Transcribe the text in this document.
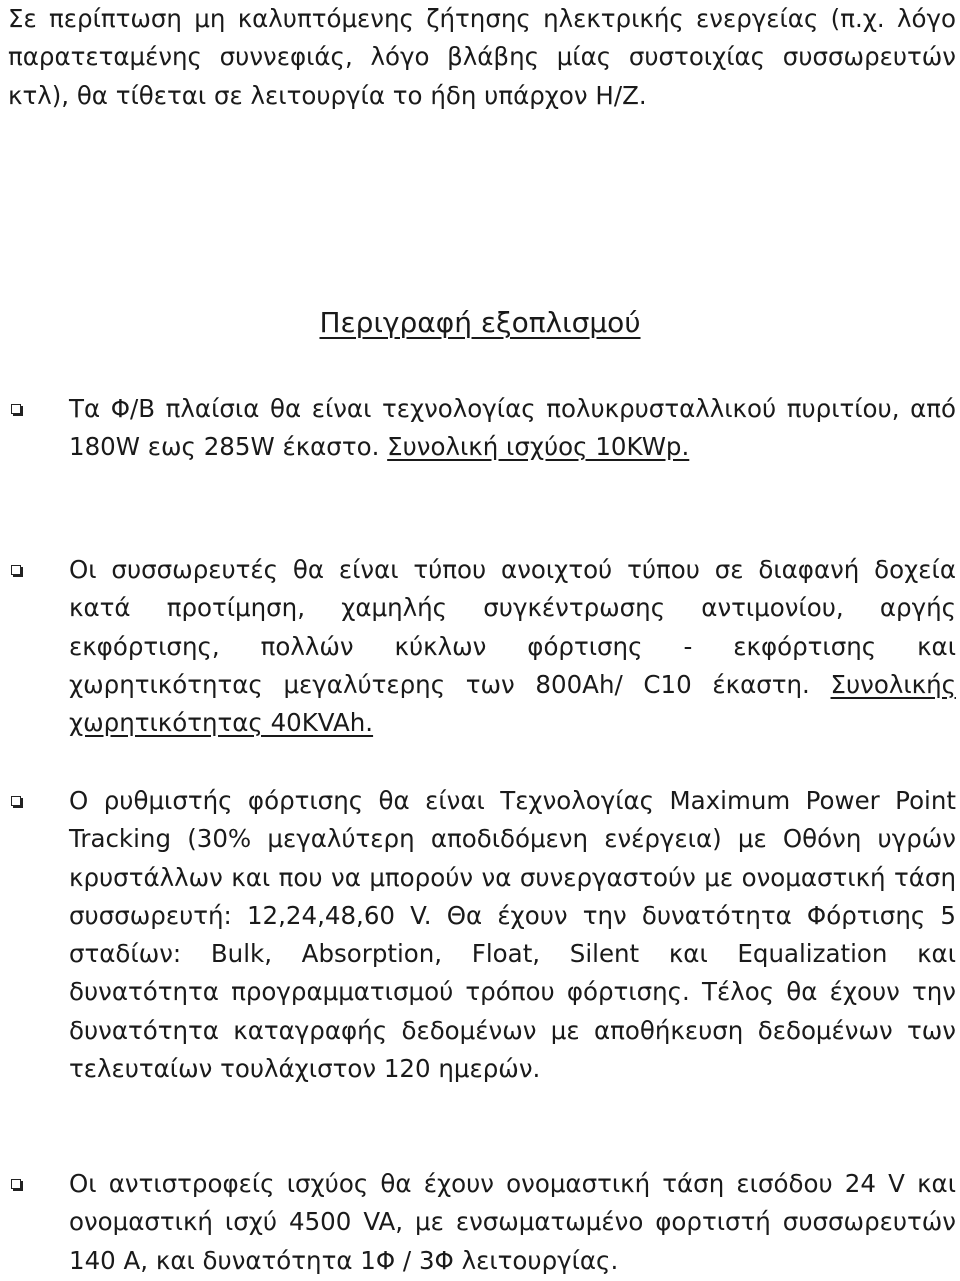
Σε περίπτωση μη καλυπτόμενης ζήτησης ηλεκτρικής ενεργείας (π.χ. λόγο παρατεταμένης συννεφιάς, λόγο βλάβης μίας συστοιχίας συσσωρευτών κτλ), θα τίθεται σε λειτουργία το ήδη υπάρχον Η/Ζ.

Περιγραφή εξοπλισμού

Τα Φ/Β πλαίσια θα είναι τεχνολογίας πολυκρυσταλλικού πυριτίου, από 180W εως 285W έκαστο. Συνολική ισχύος 10KWp.

Οι συσσωρευτές θα είναι τύπου ανοιχτού τύπου σε διαφανή δοχεία κατά προτίμηση, χαμηλής συγκέντρωσης αντιμονίου, αργής εκφόρτισης, πολλών κύκλων φόρτισης - εκφόρτισης και χωρητικότητας μεγαλύτερης των 800Ah/ C10 έκαστη. Συνολικής χωρητικότητας 40KVAh.

Ο ρυθμιστής φόρτισης θα είναι Τεχνολογίας Maximum Power Point Tracking (30% μεγαλύτερη αποδιδόμενη ενέργεια) με Οθόνη υγρών κρυστάλλων και που να μπορούν να συνεργαστούν με ονομαστική τάση συσσωρευτή: 12,24,48,60 V. Θα έχουν την δυνατότητα Φόρτισης 5 σταδίων: Bulk, Absorption, Float, Silent και Equalization και δυνατότητα προγραμματισμού τρόπου φόρτισης. Τέλος θα έχουν την δυνατότητα καταγραφής δεδομένων με αποθήκευση δεδομένων των τελευταίων τουλάχιστον 120 ημερών.

Οι αντιστροφείς ισχύος θα έχουν ονομαστική τάση εισόδου 24 V και ονομαστική ισχύ 4500 VA, με ενσωματωμένο φορτιστή συσσωρευτών 140 A, και δυνατότητα 1Φ / 3Φ λειτουργίας.
